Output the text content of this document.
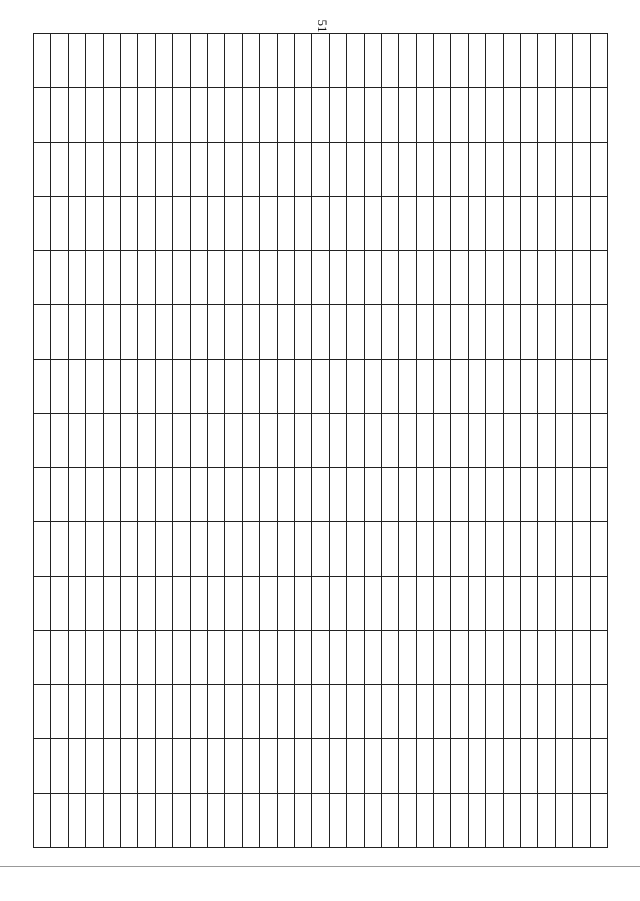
51
